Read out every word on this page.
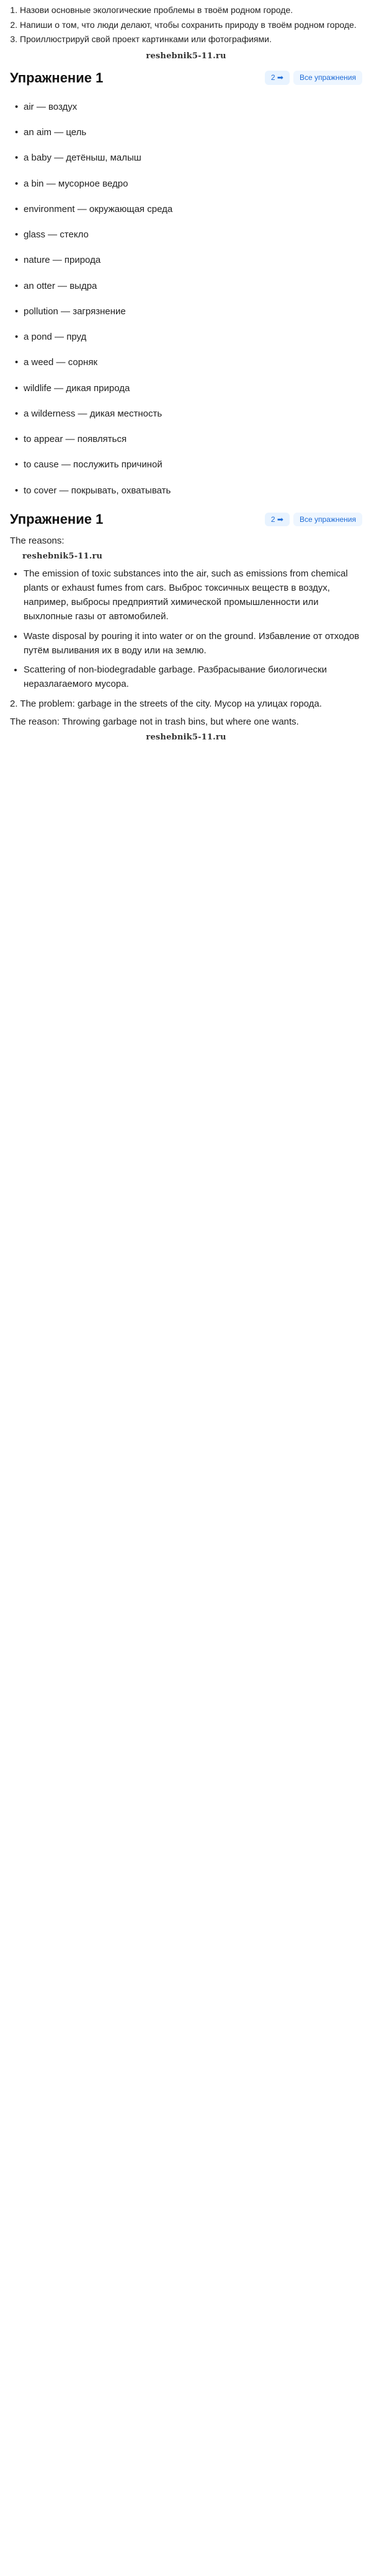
1. Назови основные экологические проблемы в твоём родном городе.
2. Напиши о том, что люди делают, чтобы сохранить природу в твоём родном городе.
3. Проиллюстрируй свой проект картинками или фотографиями.
reshebnik5-11.ru
Упражнение 1	2 ➡	Все упражнения
• air — воздух
• an aim — цель
• a baby — детёныш, малыш
• a bin — мусорное ведро
• environment — окружающая среда
• glass — стекло
• nature — природа
• an otter — выдра
• pollution — загрязнение
• a pond — пруд
• a weed — сорняк
• wildlife — дикая природа
• a wilderness — дикая местность
• to appear — появляться
• to cause — послужить причиной
• to cover — покрывать, охватывать
Упражнение 1	2 ➡	Все упражнения
The reasons:
reshebnik5-11.ru
• The emission of toxic substances into the air, such as emissions from chemical plants or exhaust fumes from cars. Выброс токсичных веществ в воздух, например, выбросы предприятий химической промышленности или выхлопные газы от автомобилей.
• Waste disposal by pouring it into water or on the ground. Избавление от отходов путём выливания их в воду или на землю.
• Scattering of non-biodegradable garbage. Разбрасывание биологически неразлагаемого мусора.
2. The problem: garbage in the streets of the city. Мусор на улицах города.
The reason: Throwing garbage not in trash bins, but where one wants.
reshebnik5-11.ru
